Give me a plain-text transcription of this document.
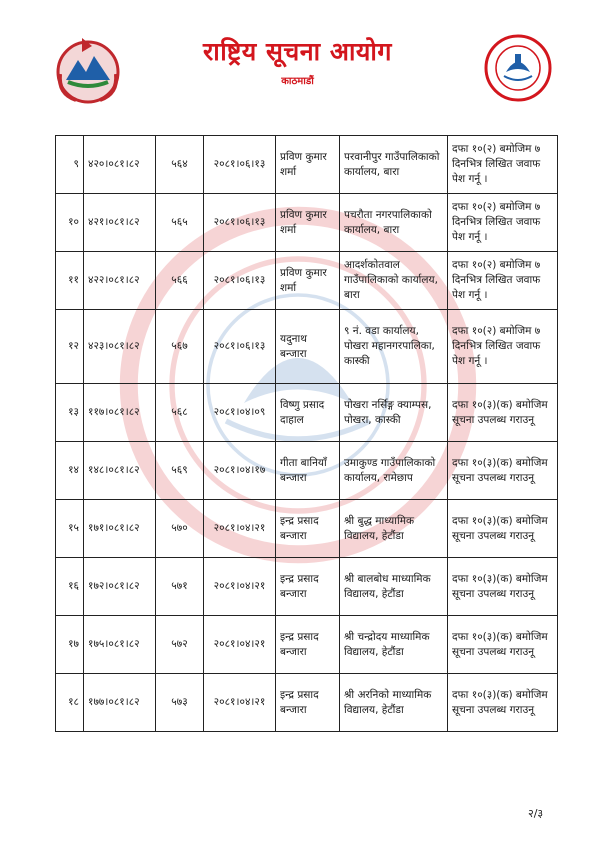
राष्ट्रिय सूचना आयोग
काठमाडौं
९	४२०।०८१।८२	५६४	२०८१।०६।१३	प्रविण कुमार शर्मा	परवानीपुर गाउँपालिकाको कार्यालय, बारा	दफा १०(२) बमोजिम ७ दिनभित्र लिखित जवाफ पेश गर्नू ।
१०	४२१।०८१।८२	५६५	२०८१।०६।१३	प्रविण कुमार शर्मा	पचरौता नगरपालिकाको कार्यालय, बारा	दफा १०(२) बमोजिम ७ दिनभित्र लिखित जवाफ पेश गर्नू ।
११	४२२।०८१।८२	५६६	२०८१।०६।१३	प्रविण कुमार शर्मा	आदर्शकोतवाल गाउँपालिकाको कार्यालय, बारा	दफा १०(२) बमोजिम ७ दिनभित्र लिखित जवाफ पेश गर्नू ।
१२	४२३।०८१।८२	५६७	२०८१।०६।१३	यदुनाथ बन्जारा	९ नं. वडा कार्यालय, पोखरा महानगरपालिका, कास्की	दफा १०(२) बमोजिम ७ दिनभित्र लिखित जवाफ पेश गर्नू ।
१३	११७।०८१।८२	५६८	२०८१।०४।०९	विष्णु प्रसाद दाहाल	पोखरा नर्सिङ्ग क्याम्पस, पोखरा, कास्की	दफा १०(३)(क) बमोजिम सूचना उपलब्ध गराउनू
१४	१४८।०८१।८२	५६९	२०८१।०४।१७	गीता बानियाँ बन्जारा	उमाकुण्ड गाउँपालिकाको कार्यालय, रामेछाप	दफा १०(३)(क) बमोजिम सूचना उपलब्ध गराउनू
१५	१७१।०८१।८२	५७०	२०८१।०४।२१	इन्द्र प्रसाद बन्जारा	श्री बुद्ध माध्यामिक विद्यालय, हेटौंडा	दफा १०(३)(क) बमोजिम सूचना उपलब्ध गराउनू
१६	१७२।०८१।८२	५७१	२०८१।०४।२१	इन्द्र प्रसाद बन्जारा	श्री बालबोध माध्यामिक विद्यालय, हेटौंडा	दफा १०(३)(क) बमोजिम सूचना उपलब्ध गराउनू
१७	१७५।०८१।८२	५७२	२०८१।०४।२१	इन्द्र प्रसाद बन्जारा	श्री चन्द्रोदय माध्यामिक विद्यालय, हेटौंडा	दफा १०(३)(क) बमोजिम सूचना उपलब्ध गराउनू
१८	१७७।०८१।८२	५७३	२०८१।०४।२१	इन्द्र प्रसाद बन्जारा	श्री अरनिको माध्यामिक विद्यालय, हेटौंडा	दफा १०(३)(क) बमोजिम सूचना उपलब्ध गराउनू
२/३
